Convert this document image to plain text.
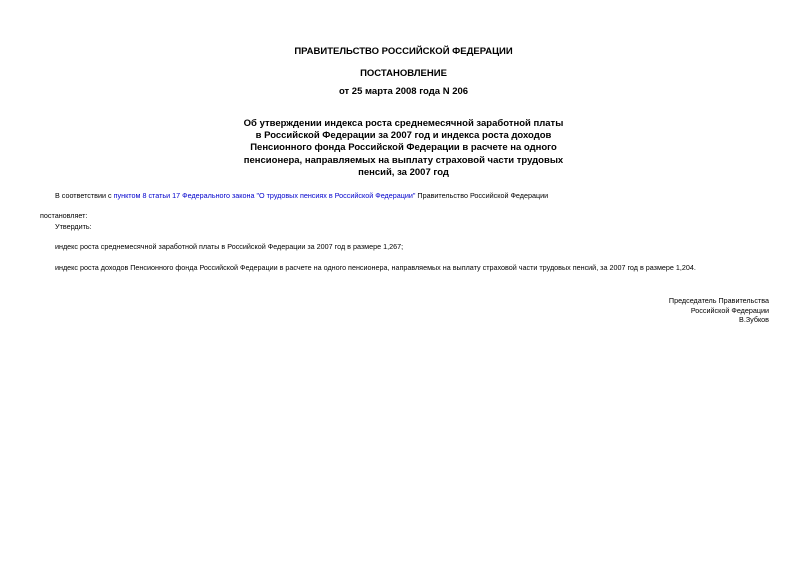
ПРАВИТЕЛЬСТВО РОССИЙСКОЙ ФЕДЕРАЦИИ
ПОСТАНОВЛЕНИЕ
от 25 марта 2008 года N 206
Об утверждении индекса роста среднемесячной заработной платы
в Российской Федерации за 2007 год и индекса роста доходов
Пенсионного фонда Российской Федерации в расчете на одного
пенсионера, направляемых на выплату страховой части трудовых
пенсий, за 2007 год
В соответствии с пунктом 8 статьи 17 Федерального закона "О трудовых пенсиях в Российской Федерации" Правительство Российской Федерации
постановляет:
Утвердить:
индекс роста среднемесячной заработной платы в Российской Федерации за 2007 год в размере 1,267;
индекс роста доходов Пенсионного фонда Российской Федерации в расчете на одного пенсионера, направляемых на выплату страховой части трудовых пенсий, за 2007 год в размере 1,204.
Председатель Правительства
Российской Федерации
В.Зубков
